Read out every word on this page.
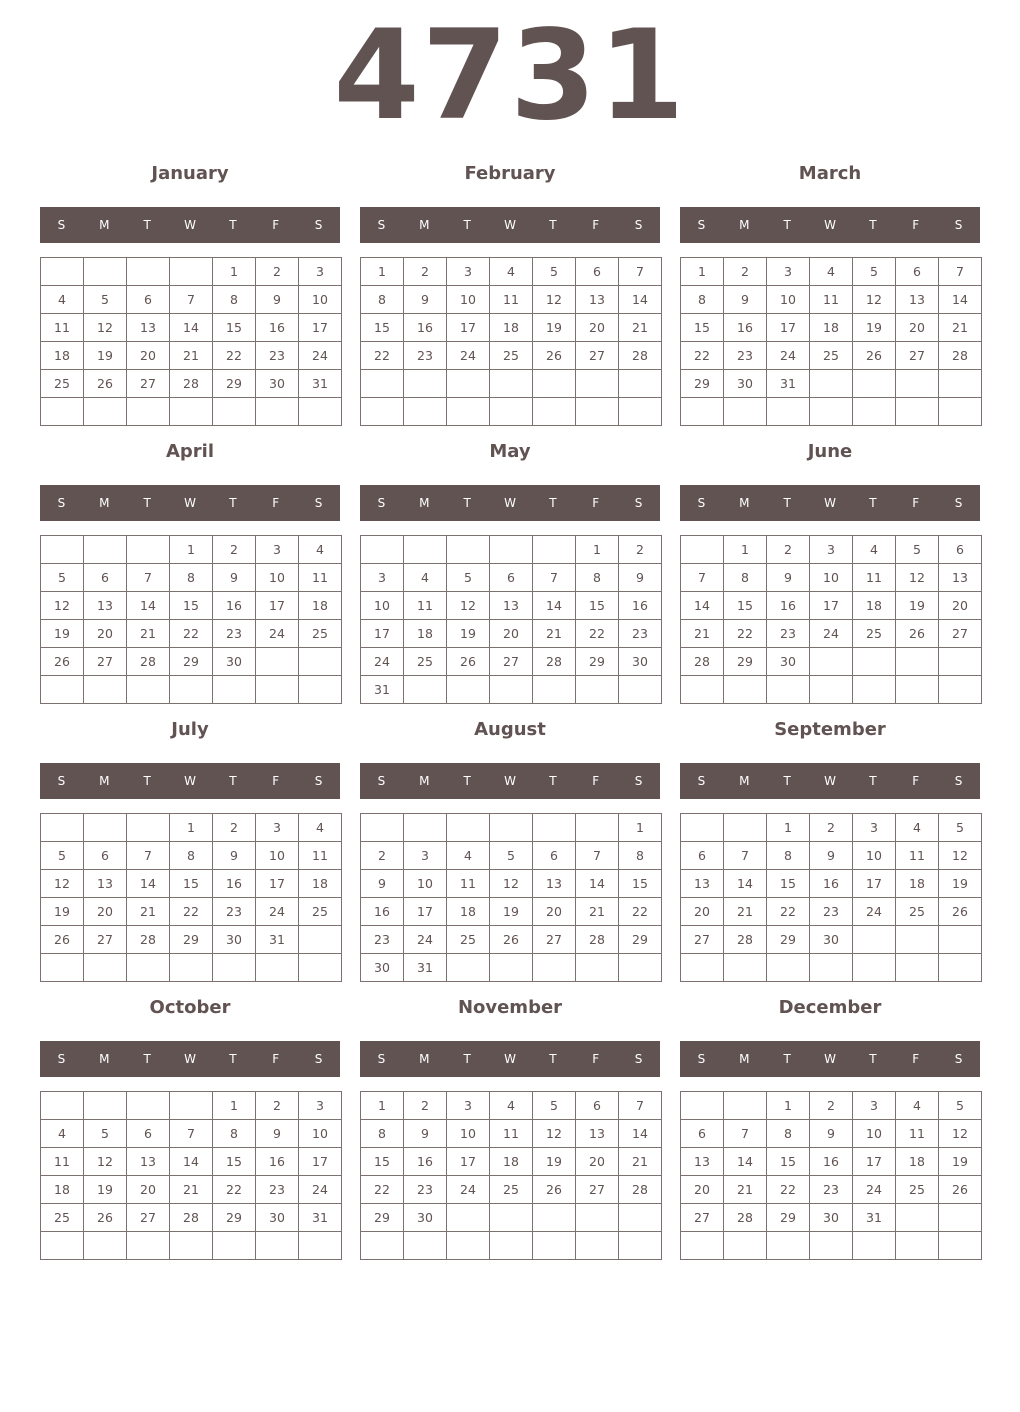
4731
January
S	M	T	W	T	F	S
				1	2	3
4	5	6	7	8	9	10
11	12	13	14	15	16	17
18	19	20	21	22	23	24
25	26	27	28	29	30	31

February
S	M	T	W	T	F	S
1	2	3	4	5	6	7
8	9	10	11	12	13	14
15	16	17	18	19	20	21
22	23	24	25	26	27	28

March
S	M	T	W	T	F	S
1	2	3	4	5	6	7
8	9	10	11	12	13	14
15	16	17	18	19	20	21
22	23	24	25	26	27	28
29	30	31				

April
S	M	T	W	T	F	S
			1	2	3	4
5	6	7	8	9	10	11
12	13	14	15	16	17	18
19	20	21	22	23	24	25
26	27	28	29	30		

May
S	M	T	W	T	F	S
					1	2
3	4	5	6	7	8	9
10	11	12	13	14	15	16
17	18	19	20	21	22	23
24	25	26	27	28	29	30
31						
June
S	M	T	W	T	F	S
	1	2	3	4	5	6
7	8	9	10	11	12	13
14	15	16	17	18	19	20
21	22	23	24	25	26	27
28	29	30				

July
S	M	T	W	T	F	S
			1	2	3	4
5	6	7	8	9	10	11
12	13	14	15	16	17	18
19	20	21	22	23	24	25
26	27	28	29	30	31	

August
S	M	T	W	T	F	S
						1
2	3	4	5	6	7	8
9	10	11	12	13	14	15
16	17	18	19	20	21	22
23	24	25	26	27	28	29
30	31					
September
S	M	T	W	T	F	S
		1	2	3	4	5
6	7	8	9	10	11	12
13	14	15	16	17	18	19
20	21	22	23	24	25	26
27	28	29	30			

October
S	M	T	W	T	F	S
				1	2	3
4	5	6	7	8	9	10
11	12	13	14	15	16	17
18	19	20	21	22	23	24
25	26	27	28	29	30	31

November
S	M	T	W	T	F	S
1	2	3	4	5	6	7
8	9	10	11	12	13	14
15	16	17	18	19	20	21
22	23	24	25	26	27	28
29	30					

December
S	M	T	W	T	F	S
		1	2	3	4	5
6	7	8	9	10	11	12
13	14	15	16	17	18	19
20	21	22	23	24	25	26
27	28	29	30	31		
